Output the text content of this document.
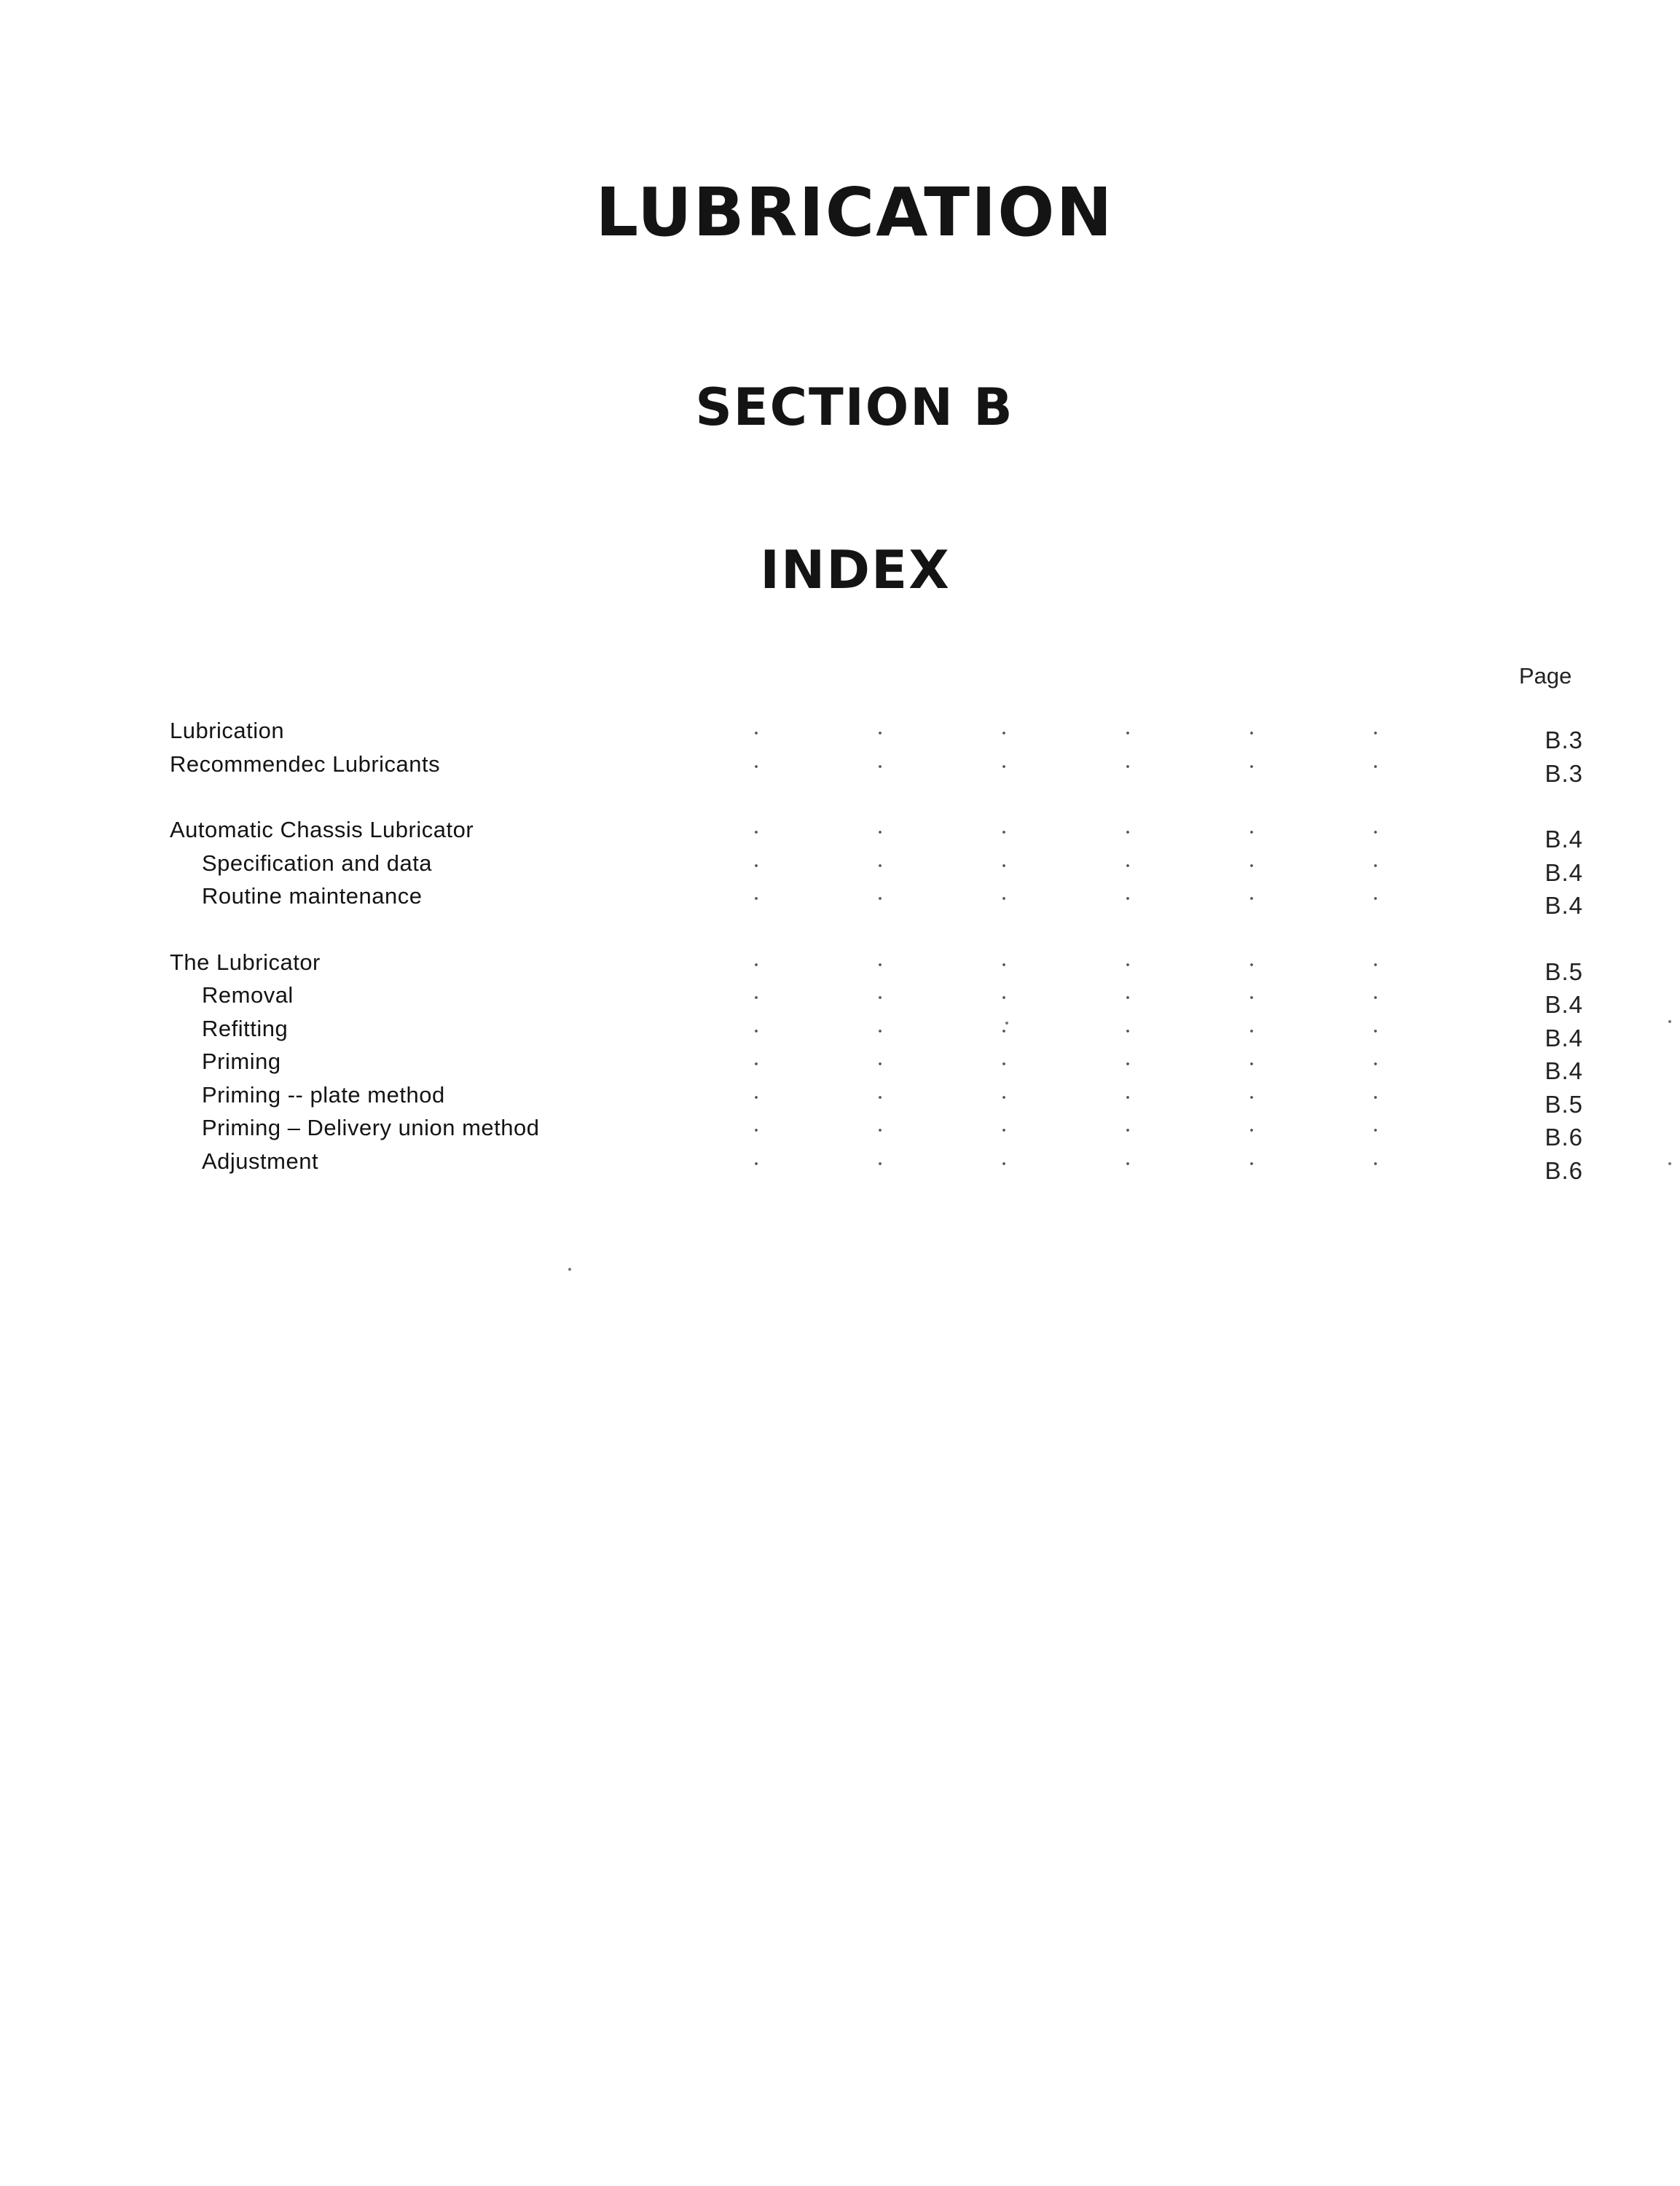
LUBRICATION
SECTION B
INDEX
Page
Lubrication	B.3
Recommendec Lubricants	B.3
Automatic Chassis Lubricator	B.4
Specification and data	B.4
Routine maintenance	B.4
The Lubricator	B.5
Removal	B.4
Refitting	B.4
Priming	B.4
Priming -- plate method	B.5
Priming – Delivery union method	B.6
Adjustment	B.6
